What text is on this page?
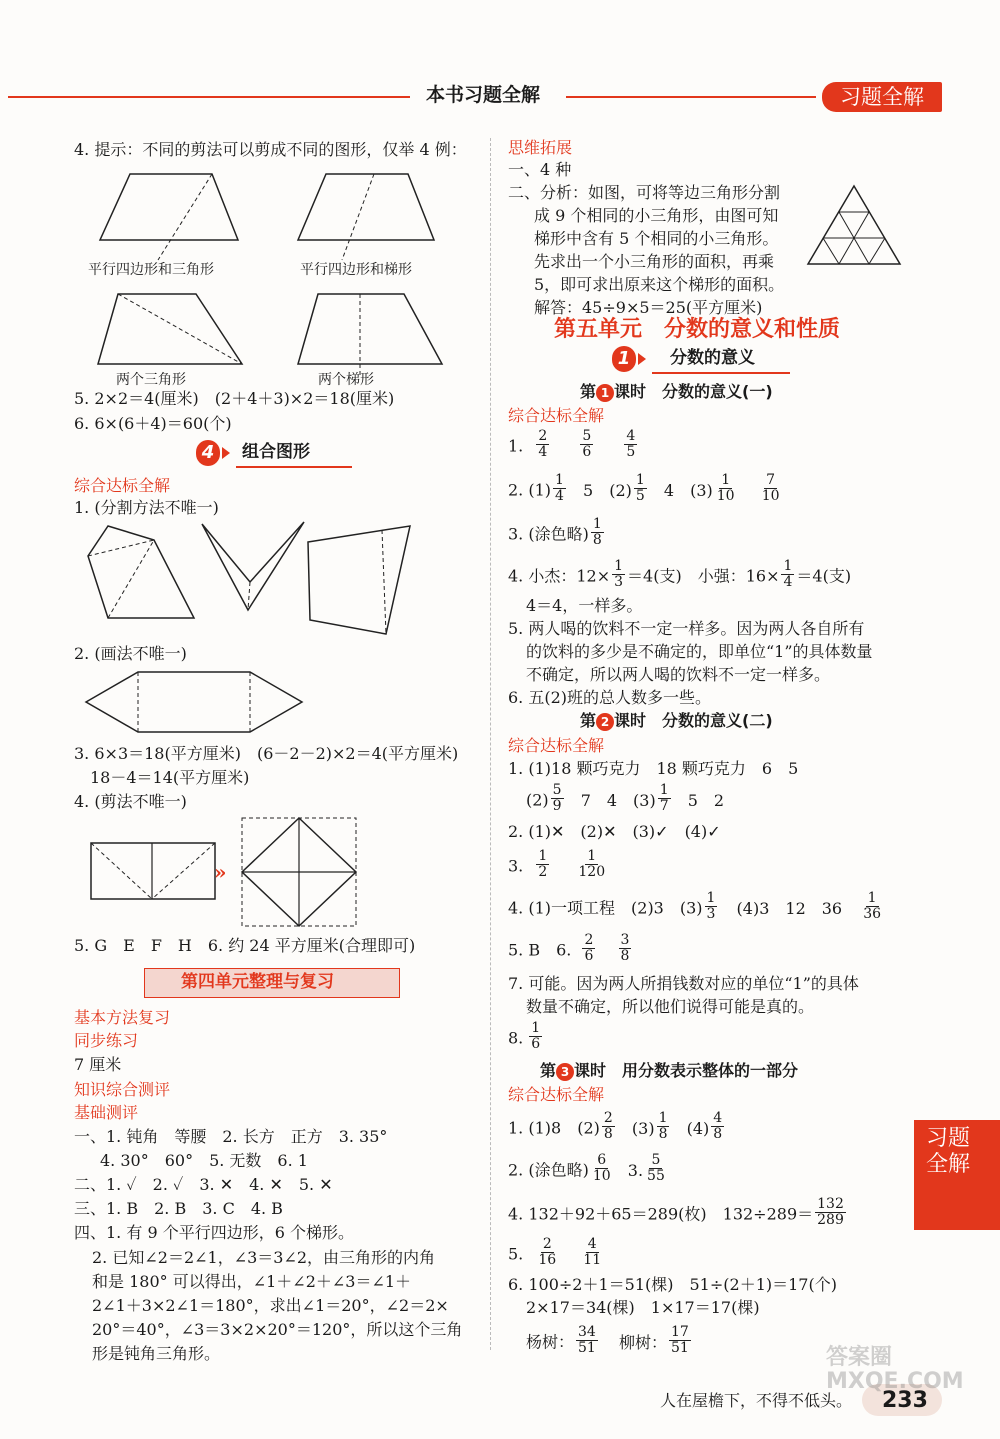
本书习题全解	习题全解
4. 提示：不同的剪法可以剪成不同的图形，仅举 4 例：
平行四边形和三角形	平行四边形和梯形
两个三角形	两个梯形
5. 2×2＝4(厘米)　(2＋4＋3)×2＝18(厘米)
6. 6×(6＋4)＝60(个)
4	组合图形
综合达标全解
1. (分割方法不唯一)
2. (画法不唯一)
3. 6×3＝18(平方厘米)　(6－2－2)×2＝4(平方厘米)
18－4＝14(平方厘米)
4. (剪法不唯一)
»
5. G　E　F　H　6. 约 24 平方厘米(合理即可)
第四单元整理与复习
基本方法复习
同步练习
7 厘米
知识综合测评
基础测评
一、1. 钝角　等腰　2. 长方　正方　3. 35°
4. 30°　60°　5. 无数　6. 1
二、1. ✓　2. ✓　3. ✕　4. ✕　5. ✕
三、1. B　2. B　3. C　4. B
四、1. 有 9 个平行四边形，6 个梯形。
2. 已知∠2＝2∠1，∠3＝3∠2，由三角形的内角
和是 180° 可以得出，∠1＋∠2＋∠3＝∠1＋
2∠1＋3×2∠1＝180°，求出∠1＝20°，∠2＝2×
20°＝40°，∠3＝3×2×20°＝120°，所以这个三角
形是钝角三角形。
思维拓展
一、4 种
二、分析：如图，可将等边三角形分割
成 9 个相同的小三角形，由图可知
梯形中含有 5 个相同的小三角形。
先求出一个小三角形的面积，再乘
5，即可求出原来这个梯形的面积。
解答：45÷9×5＝25(平方厘米)
第五单元　分数的意义和性质
1	分数的意义
第 1 课时　分数的意义(一)
综合达标全解
1. $\frac{2}{4}$
$\frac{5}{6}$
$\frac{4}{5}$
2. $(1) \frac{1}{4} 5$　$(2) \frac{1}{5} 4$　$(3) \frac{1}{10}$
$\frac{7}{10}$
3. (涂色略) $\frac{1}{8}$
4. 小杰：$12\times \frac{1}{3} =4$(支)　小强：$16\times \frac{1}{4} =4$(支)
4＝4，一样多。
5. 两人喝的饮料不一定一样多。因为两人各自所有
的饮料的多少是不确定的，即单位“1”的具体数量
不确定，所以两人喝的饮料不一定一样多。
6. 五(2)班的总人数多一些。
第 2 课时　分数的意义(二)
综合达标全解
1. (1)18 颗巧克力　18 颗巧克力　6　5
$(2) \frac{5}{9} 7$　4　$(3) \frac{1}{7} 5$　2
2. (1)✕　(2)✕　(3)✓　(4)✓
3. $\frac{1}{2}$
$\frac{1}{120}$
4. (1)一项工程　(2)3　$(3) \frac{1}{3} (4)3$　12　$36 \frac{1}{36}$
5. B　6. $\frac{2}{6}$
$\frac{3}{8}$
7. 可能。因为两人所捐钱数对应的单位“1”的具体
数量不确定，所以他们说得可能是真的。
8. $\frac{1}{6}$
第 3 课时　用分数表示整体的一部分
综合达标全解
1. (1)8　$(2) \frac{2}{8} (3) \frac{1}{8} (4) \frac{4}{8}$
2. (涂色略) $\frac{6}{10} 3$. $\frac{5}{55}$
4. 132＋92＋65＝289(枚)　$132\div 289= \frac{132}{289}$
5. $\frac{2}{16}$
$\frac{4}{11}$
6. 100÷2＋1＝51(棵)　51÷(2＋1)＝17(个)
2×17＝34(棵)　1×17＝17(棵)
杨树： $\frac{34}{51}$ 柳树： $\frac{17}{51}$
习题全解
人在屋檐下，不得不低头。 233
答案圈 MXQE.COM
